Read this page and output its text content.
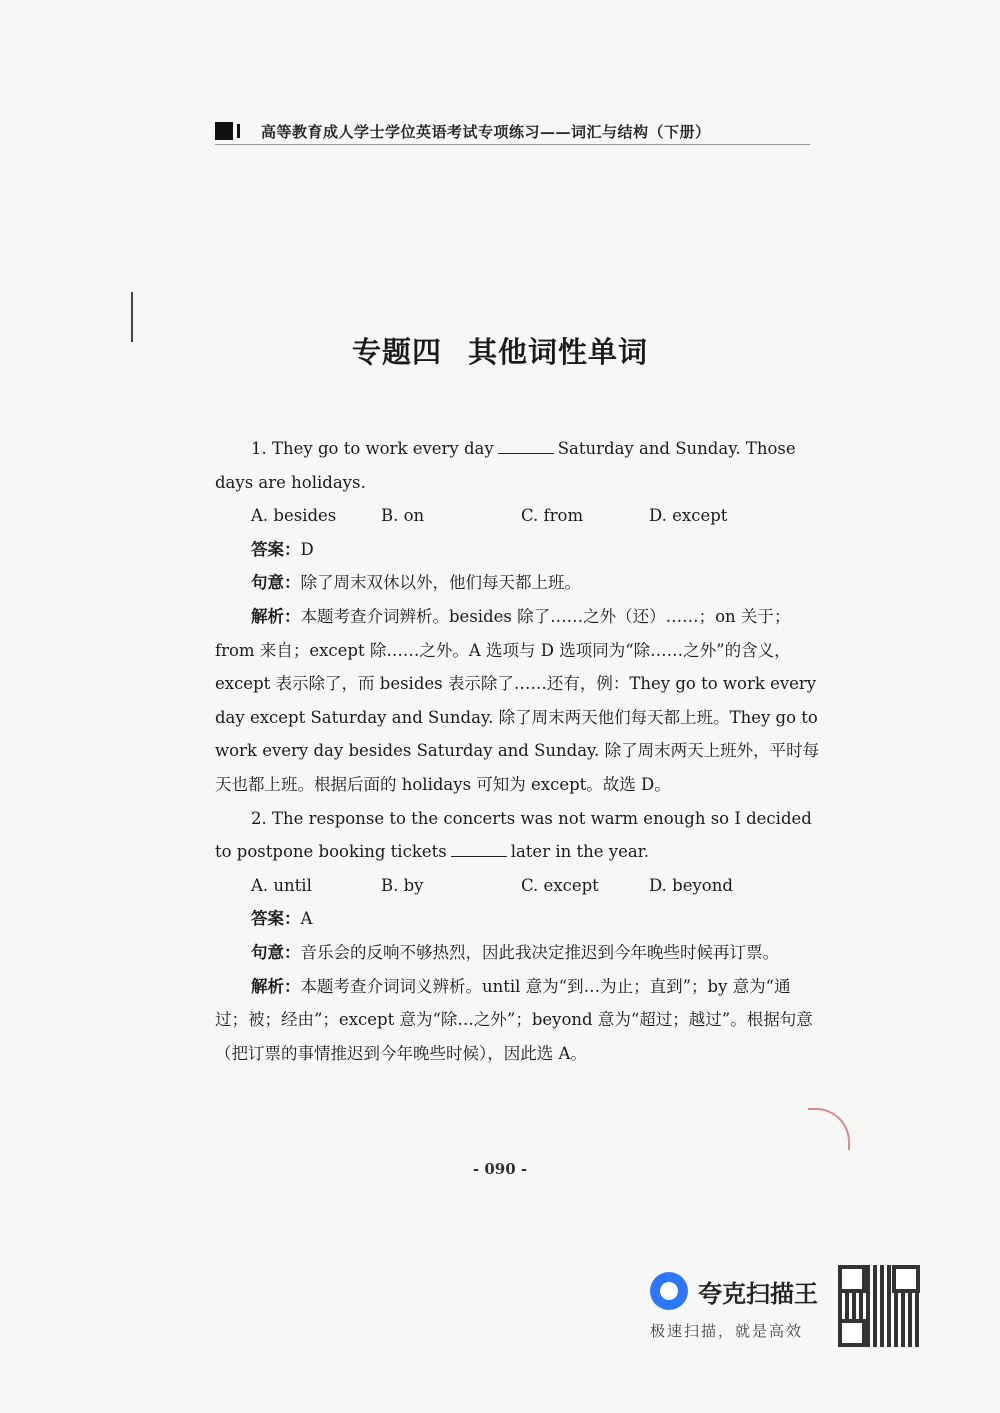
高等教育成人学士学位英语考试专项练习——词汇与结构（下册）
专题四 其他词性单词

1. They go to work every day	Saturday and Sunday. Those days are holidays.

A. besides	B. on	C. from	D. except

答案：D

句意：除了周末双休以外，他们每天都上班。

解析：本题考查介词辨析。besides 除了……之外（还）……；on 关于；from 来自；except 除……之外。A 选项与 D 选项同为“除……之外”的含义，except 表示除了，而 besides 表示除了……还有，例：They go to work every day except Saturday and Sunday. 除了周末两天他们每天都上班。They go to work every day besides Saturday and Sunday. 除了周末两天上班外，平时每天也都上班。根据后面的 holidays 可知为 except。故选 D。

2. The response to the concerts was not warm enough so I decided to postpone booking tickets	later in the year.

A. until	B. by	C. except	D. beyond

答案：A

句意：音乐会的反响不够热烈，因此我决定推迟到今年晚些时候再订票。

解析：本题考查介词词义辨析。until 意为“到…为止；直到”；by 意为“通过；被；经由”；except 意为“除…之外”；beyond 意为“超过；越过”。根据句意（把订票的事情推迟到今年晚些时候），因此选 A。

- 090 -
夸克扫描王
极速扫描，就是高效
